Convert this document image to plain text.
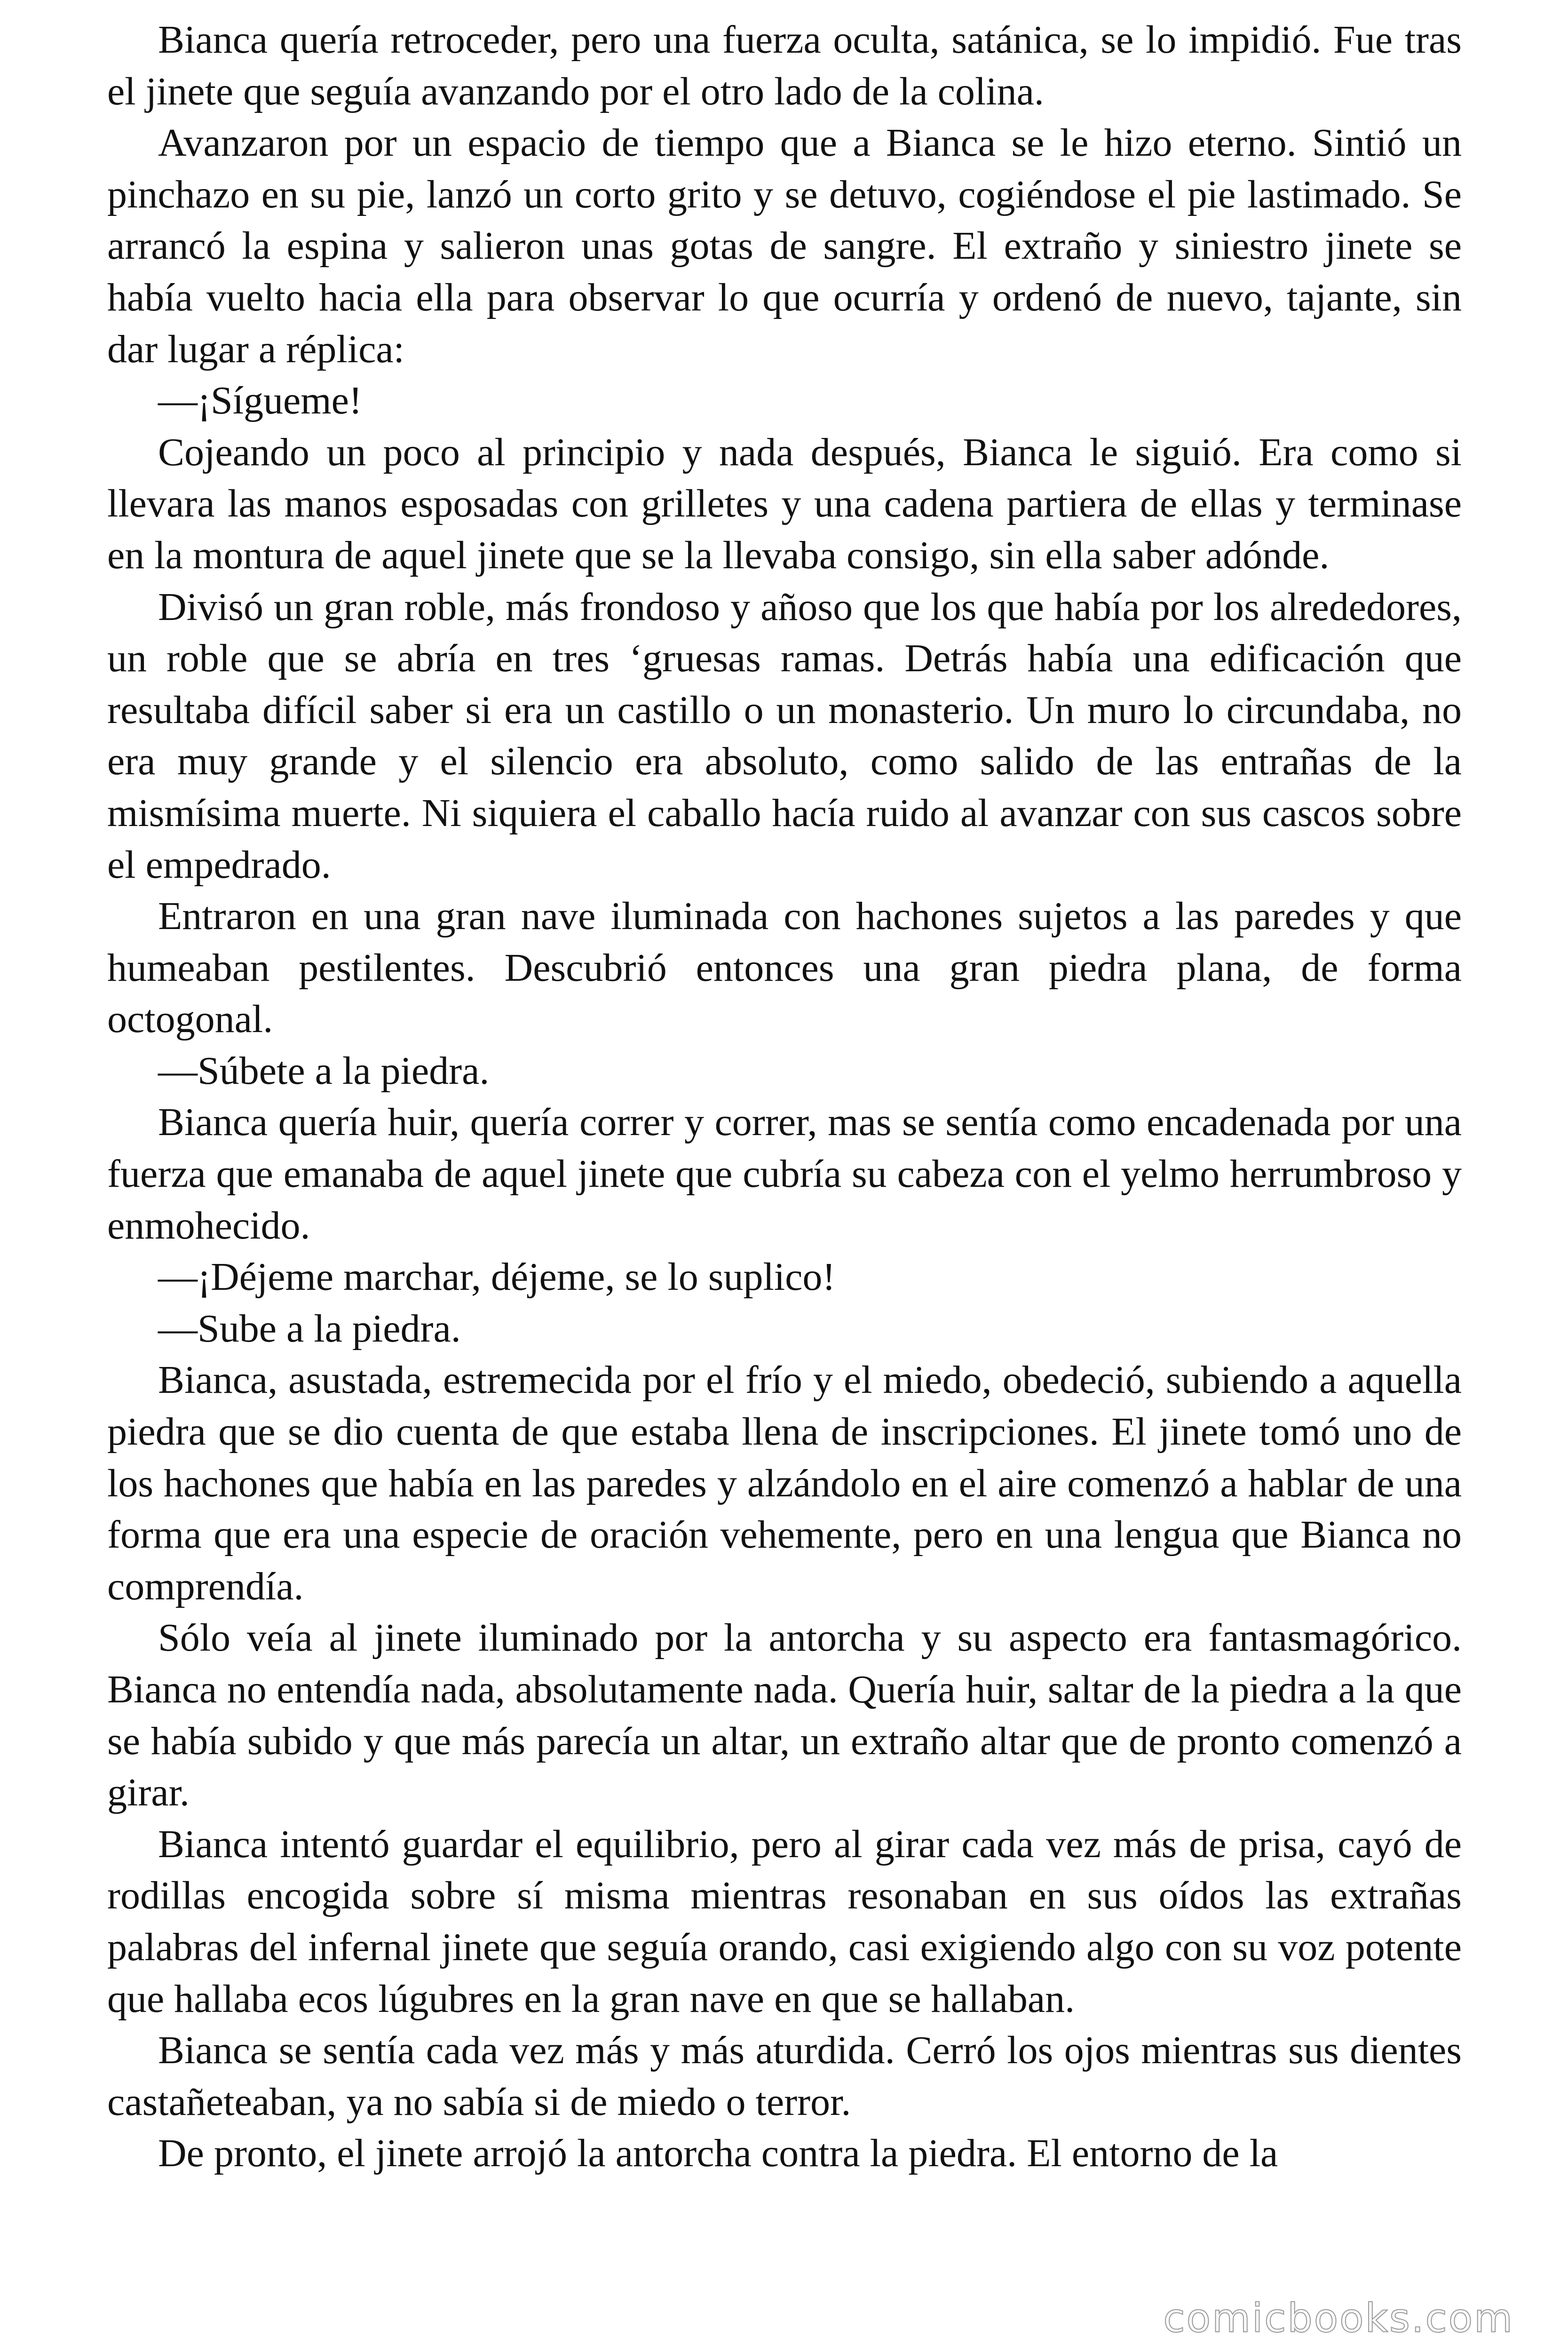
Bianca quería retroceder, pero una fuerza oculta, satánica, se lo impidió. Fue tras el jinete que seguía avanzando por el otro lado de la colina.

Avanzaron por un espacio de tiempo que a Bianca se le hizo eterno. Sintió un pinchazo en su pie, lanzó un corto grito y se detuvo, cogiéndose el pie lastimado. Se arrancó la espina y salieron unas gotas de sangre. El extraño y siniestro jinete se había vuelto hacia ella para observar lo que ocurría y ordenó de nuevo, tajante, sin dar lugar a réplica:

—¡Sígueme!

Cojeando un poco al principio y nada después, Bianca le siguió. Era como si llevara las manos esposadas con grilletes y una cadena partiera de ellas y terminase en la montura de aquel jinete que se la llevaba consigo, sin ella saber adónde.

Divisó un gran roble, más frondoso y añoso que los que había por los alrededores, un roble que se abría en tres ‘gruesas ramas. Detrás había una edificación que resultaba difícil saber si era un castillo o un monasterio. Un muro lo circundaba, no era muy grande y el silencio era absoluto, como salido de las entrañas de la mismísima muerte. Ni siquiera el caballo hacía ruido al avanzar con sus cascos sobre el empedrado.

Entraron en una gran nave iluminada con hachones sujetos a las paredes y que humeaban pestilentes. Descubrió entonces una gran piedra plana, de forma octogonal.

—Súbete a la piedra.

Bianca quería huir, quería correr y correr, mas se sentía como encadenada por una fuerza que emanaba de aquel jinete que cubría su cabeza con el yelmo herrumbroso y enmohecido.

—¡Déjeme marchar, déjeme, se lo suplico!

—Sube a la piedra.

Bianca, asustada, estremecida por el frío y el miedo, obedeció, subiendo a aquella piedra que se dio cuenta de que estaba llena de inscripciones. El jinete tomó uno de los hachones que había en las paredes y alzándolo en el aire comenzó a hablar de una forma que era una especie de oración vehemente, pero en una lengua que Bianca no comprendía.

Sólo veía al jinete iluminado por la antorcha y su aspecto era fantasmagórico. Bianca no entendía nada, absolutamente nada. Quería huir, saltar de la piedra a la que se había subido y que más parecía un altar, un extraño altar que de pronto comenzó a girar.

Bianca intentó guardar el equilibrio, pero al girar cada vez más de prisa, cayó de rodillas encogida sobre sí misma mientras resonaban en sus oídos las extrañas palabras del infernal jinete que seguía orando, casi exigiendo algo con su voz potente que hallaba ecos lúgubres en la gran nave en que se hallaban.

Bianca se sentía cada vez más y más aturdida. Cerró los ojos mientras sus dientes castañeteaban, ya no sabía si de miedo o terror.

De pronto, el jinete arrojó la antorcha contra la piedra. El entorno de la

comicbooks.com
